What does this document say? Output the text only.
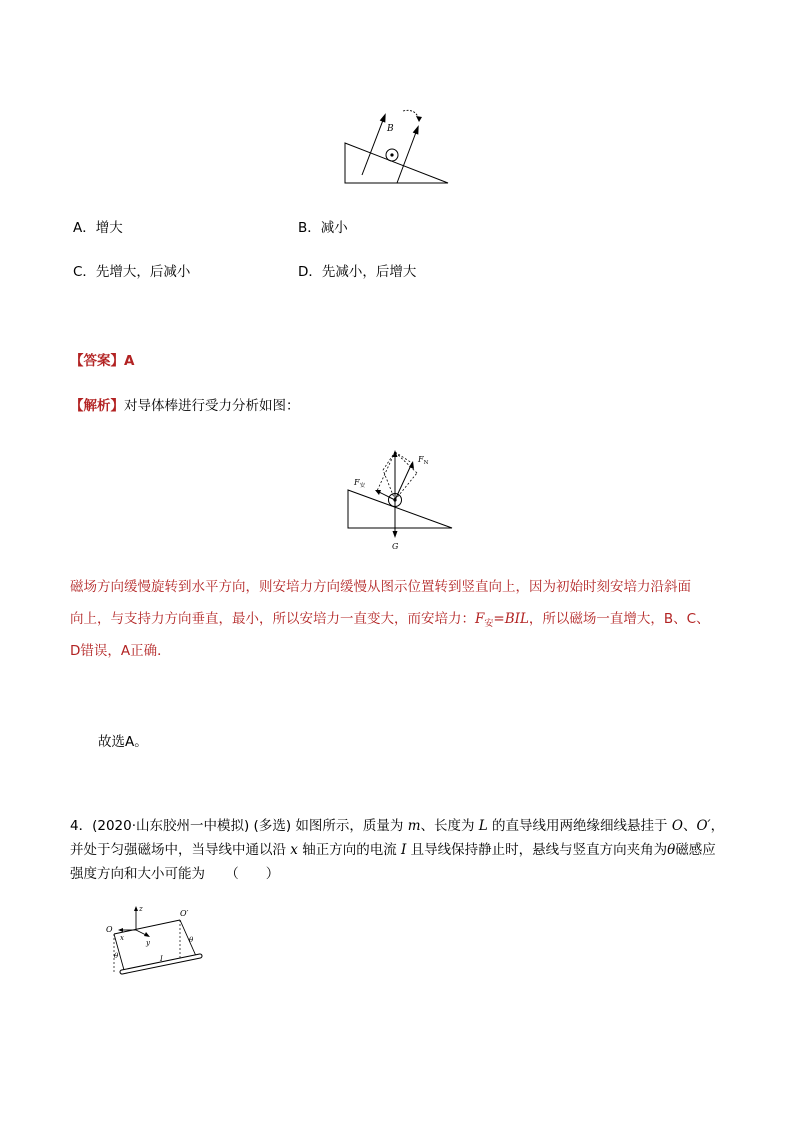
B
A．增大	B．减小
C．先增大，后减小	D．先减小，后增大
【答案】A
【解析】对导体棒进行受力分析如图：
$F_安$
$F_N$
G
磁场方向缓慢旋转到水平方向，则安培力方向缓慢从图示位置转到竖直向上，因为初始时刻安培力沿斜面
向上，与支持力方向垂直，最小，所以安培力一直变大，而安培力：$F_安=BIL$，所以磁场一直增大，B、C、
D错误，A正确．
故选A。
4．(2020·山东胶州一中模拟) (多选) 如图所示，质量为 m、长度为 L 的直导线用两绝缘细线悬挂于 O、O′，
并处于匀强磁场中，当导线中通以沿 x 轴正方向的电流 I 且导线保持静止时，悬线与竖直方向夹角为θ磁感应
强度方向和大小可能为　　（　　）
O
O′
z
x
y
θ
θ
I
